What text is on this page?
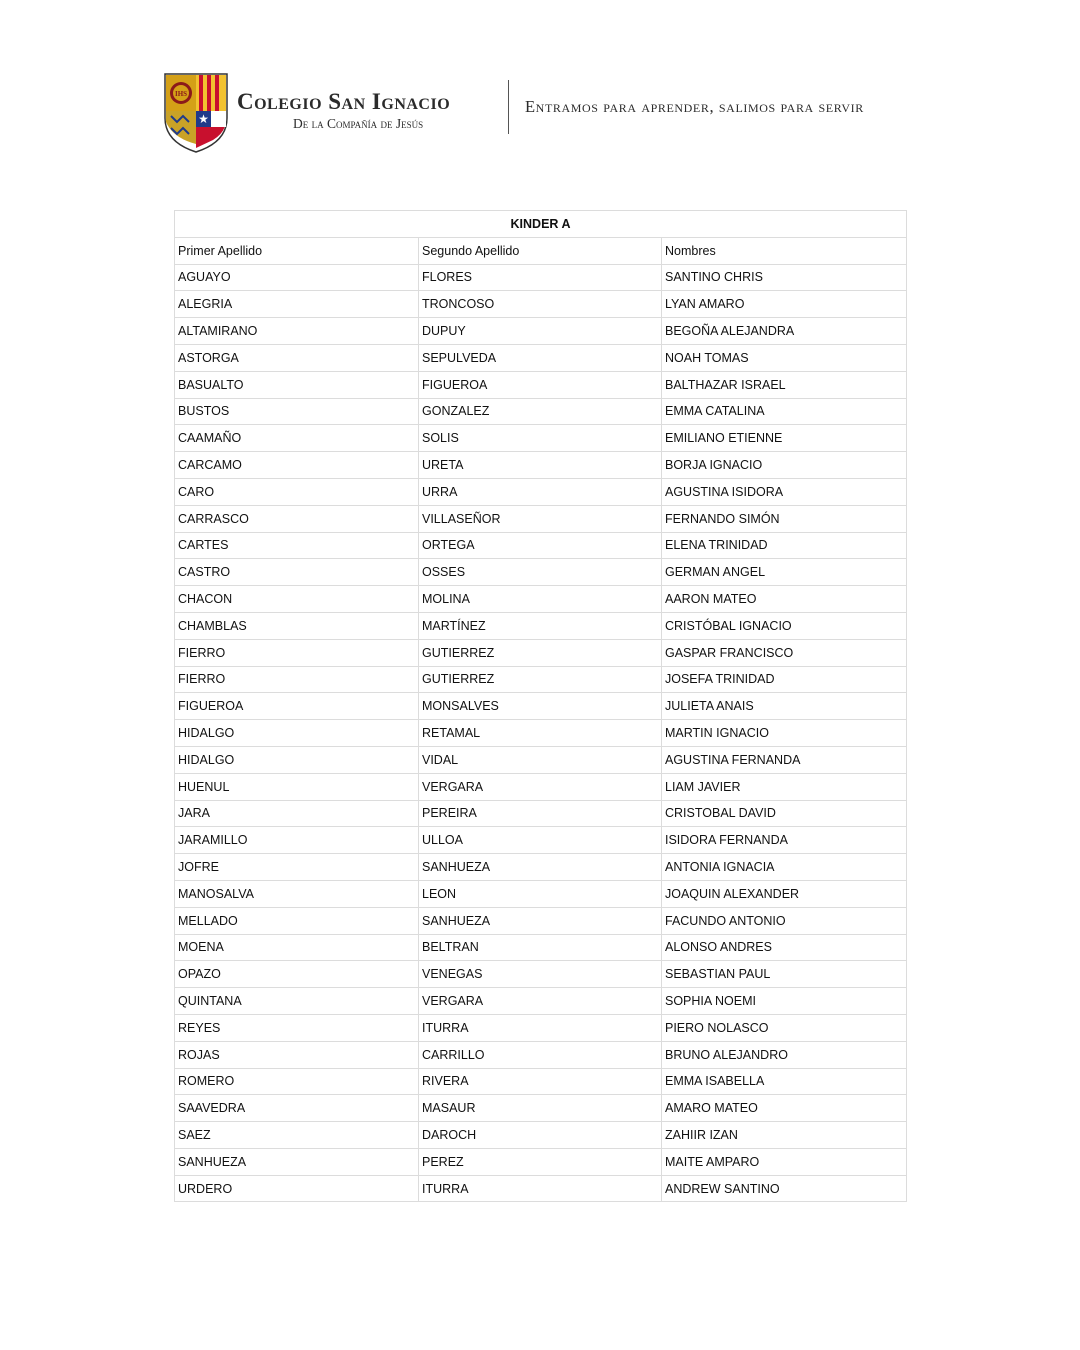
IHS
★
Colegio San Ignacio
De la Compañía de Jesús
Entramos para aprender, salimos para servir
KINDER A		
Primer Apellido	Segundo Apellido	Nombres
AGUAYO	FLORES	SANTINO CHRIS
ALEGRIA	TRONCOSO	LYAN AMARO
ALTAMIRANO	DUPUY	BEGOÑA ALEJANDRA
ASTORGA	SEPULVEDA	NOAH TOMAS
BASUALTO	FIGUEROA	BALTHAZAR ISRAEL
BUSTOS	GONZALEZ	EMMA CATALINA
CAAMAÑO	SOLIS	EMILIANO ETIENNE
CARCAMO	URETA	BORJA IGNACIO
CARO	URRA	AGUSTINA ISIDORA
CARRASCO	VILLASEÑOR	FERNANDO SIMÓN
CARTES	ORTEGA	ELENA TRINIDAD
CASTRO	OSSES	GERMAN ANGEL
CHACON	MOLINA	AARON MATEO
CHAMBLAS	MARTÍNEZ	CRISTÓBAL IGNACIO
FIERRO	GUTIERREZ	GASPAR FRANCISCO
FIERRO	GUTIERREZ	JOSEFA TRINIDAD
FIGUEROA	MONSALVES	JULIETA ANAIS
HIDALGO	RETAMAL	MARTIN IGNACIO
HIDALGO	VIDAL	AGUSTINA FERNANDA
HUENUL	VERGARA	LIAM JAVIER
JARA	PEREIRA	CRISTOBAL DAVID
JARAMILLO	ULLOA	ISIDORA FERNANDA
JOFRE	SANHUEZA	ANTONIA IGNACIA
MANOSALVA	LEON	JOAQUIN ALEXANDER
MELLADO	SANHUEZA	FACUNDO ANTONIO
MOENA	BELTRAN	ALONSO ANDRES
OPAZO	VENEGAS	SEBASTIAN PAUL
QUINTANA	VERGARA	SOPHIA NOEMI
REYES	ITURRA	PIERO NOLASCO
ROJAS	CARRILLO	BRUNO ALEJANDRO
ROMERO	RIVERA	EMMA ISABELLA
SAAVEDRA	MASAUR	AMARO MATEO
SAEZ	DAROCH	ZAHIIR IZAN
SANHUEZA	PEREZ	MAITE AMPARO
URDERO	ITURRA	ANDREW SANTINO
